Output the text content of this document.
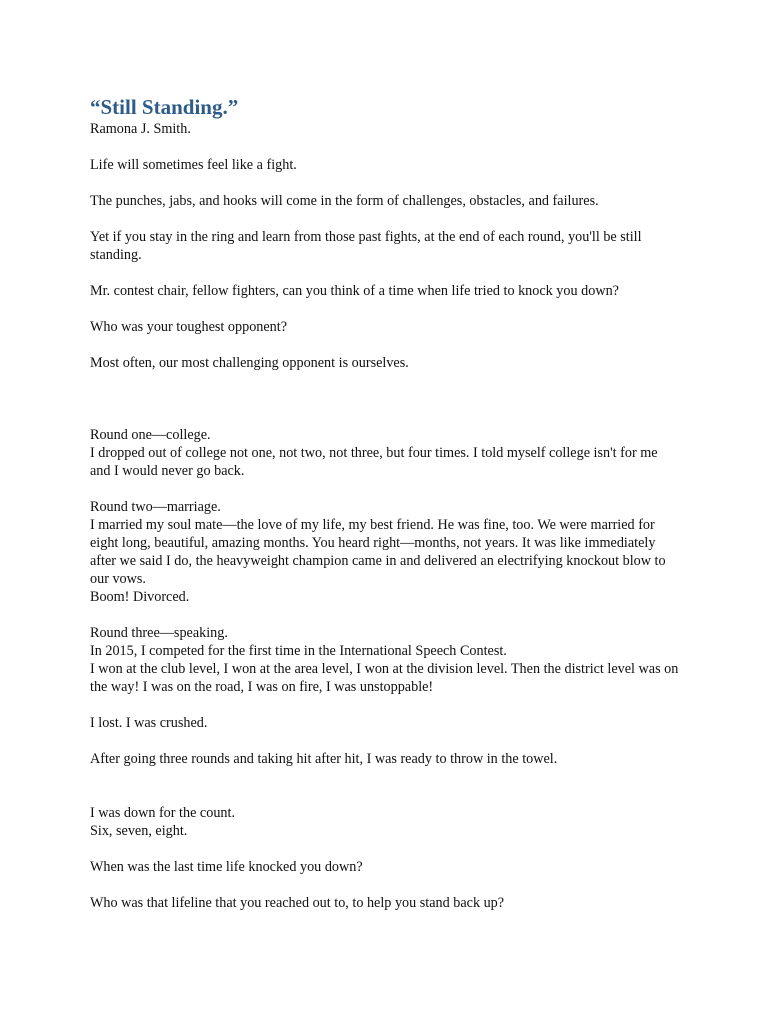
“Still Standing.”

Ramona J. Smith.

Life will sometimes feel like a fight.

The punches, jabs, and hooks will come in the form of challenges, obstacles, and failures.

Yet if you stay in the ring and learn from those past fights, at the end of each round, you'll be still standing.

Mr. contest chair, fellow fighters, can you think of a time when life tried to knock you down?

Who was your toughest opponent?

Most often, our most challenging opponent is ourselves.

Round one—college.

I dropped out of college not one, not two, not three, but four times. I told myself college isn't for me and I would never go back.

Round two—marriage.

I married my soul mate—the love of my life, my best friend. He was fine, too. We were married for eight long, beautiful, amazing months. You heard right—months, not years. It was like immediately after we said I do, the heavyweight champion came in and delivered an electrifying knockout blow to our vows.

Boom! Divorced.

Round three—speaking.

In 2015, I competed for the first time in the International Speech Contest.

I won at the club level, I won at the area level, I won at the division level. Then the district level was on the way! I was on the road, I was on fire, I was unstoppable!

I lost. I was crushed.

After going three rounds and taking hit after hit, I was ready to throw in the towel.

I was down for the count.

Six, seven, eight.

When was the last time life knocked you down?

Who was that lifeline that you reached out to, to help you stand back up?
